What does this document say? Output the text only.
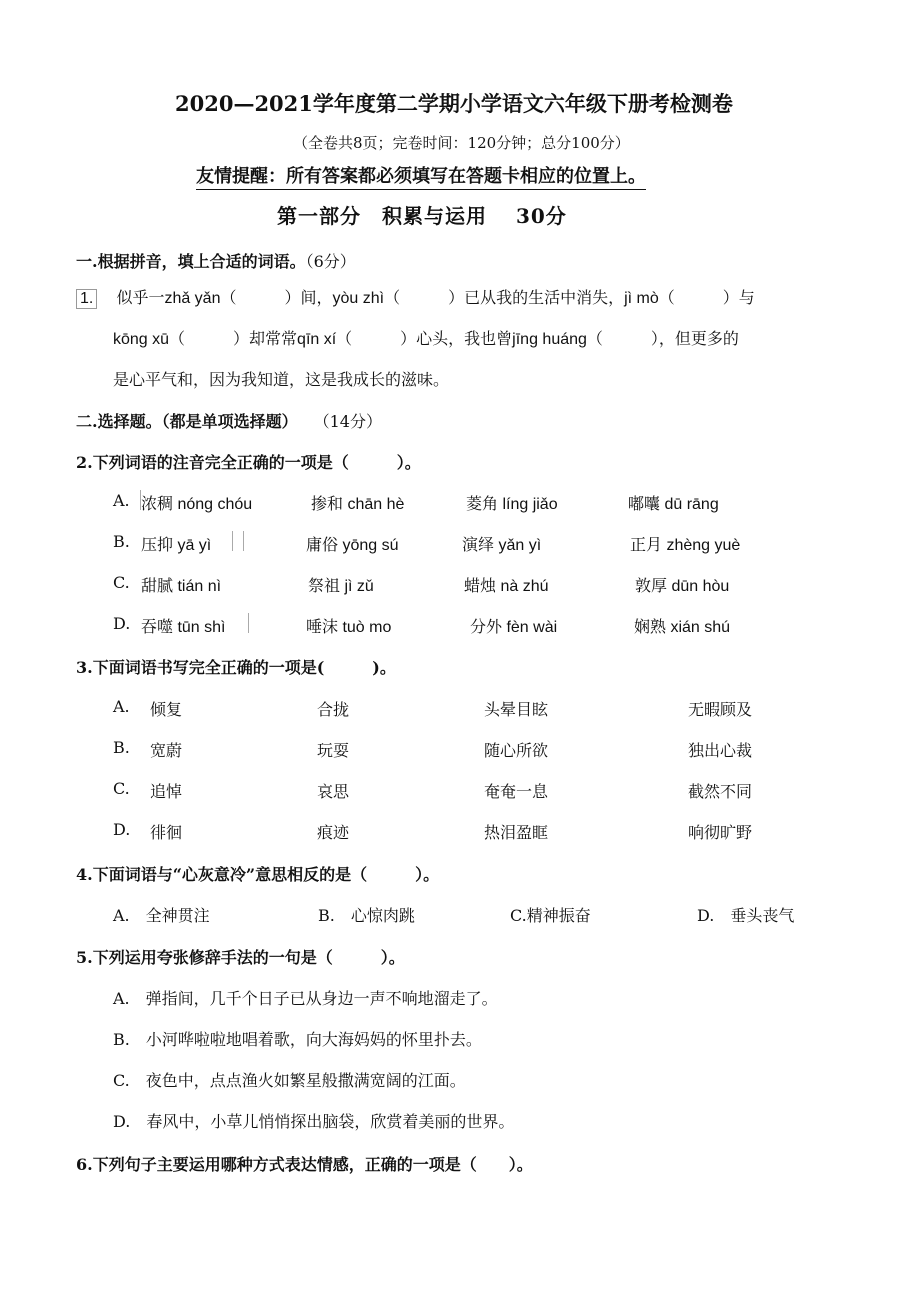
2020—2021学年度第二学期小学语文六年级下册考检测卷
（全卷共8页；完卷时间：120分钟；总分100分）
友情提醒：所有答案都必须填写在答题卡相应的位置上。
第一部分　积累与运用　 30分
一.根据拼音，填上合适的词语。（6分）
1. 似乎一zhǎ yǎn（　　　）间，yòu zhì（　　　）已从我的生活中消失，jì mò（　　　）与
kōng xū（　　　）却常常qīn xí（　　　）心头，我也曾jīng huáng（　　　），但更多的
是心平气和，因为我知道，这是我成长的滋味。
二.选择题。（都是单项选择题） （14分）
2.下列词语的注音完全正确的一项是（　　　）。
A. 浓稠 nóng chóu	掺和 chān hè	菱角 líng jiǎo	嘟囔 dū rāng
B. 压抑 yā yì	庸俗 yōng sú	演绎 yǎn yì	正月 zhèng yuè
C. 甜腻 tián nì	祭祖 jì zǔ	蜡烛 nà zhú	敦厚 dūn hòu
D. 吞噬 tūn shì	唾沫 tuò mo	分外 fèn wài	娴熟 xián shú
3.下面词语书写完全正确的一项是(　　　)。
A. 倾复	合拢	头晕目眩	无暇顾及
B. 宽蔚	玩耍	随心所欲	独出心裁
C. 追悼	哀思	奄奄一息	截然不同
D. 徘徊	痕迹	热泪盈眶	响彻旷野
4.下面词语与“心灰意冷”意思相反的是（　　　）。
A.　全神贯注	B.　心惊肉跳	C.精神振奋	D.　垂头丧气
5.下列运用夸张修辞手法的一句是（　　　）。
A.　弹指间，几千个日子已从身边一声不响地溜走了。
B.　小河哗啦啦地唱着歌，向大海妈妈的怀里扑去。
C.　夜色中，点点渔火如繁星般撒满宽阔的江面。
D.　春风中，小草儿悄悄探出脑袋，欣赏着美丽的世界。
6.下列句子主要运用哪种方式表达情感，正确的一项是（　　）。
